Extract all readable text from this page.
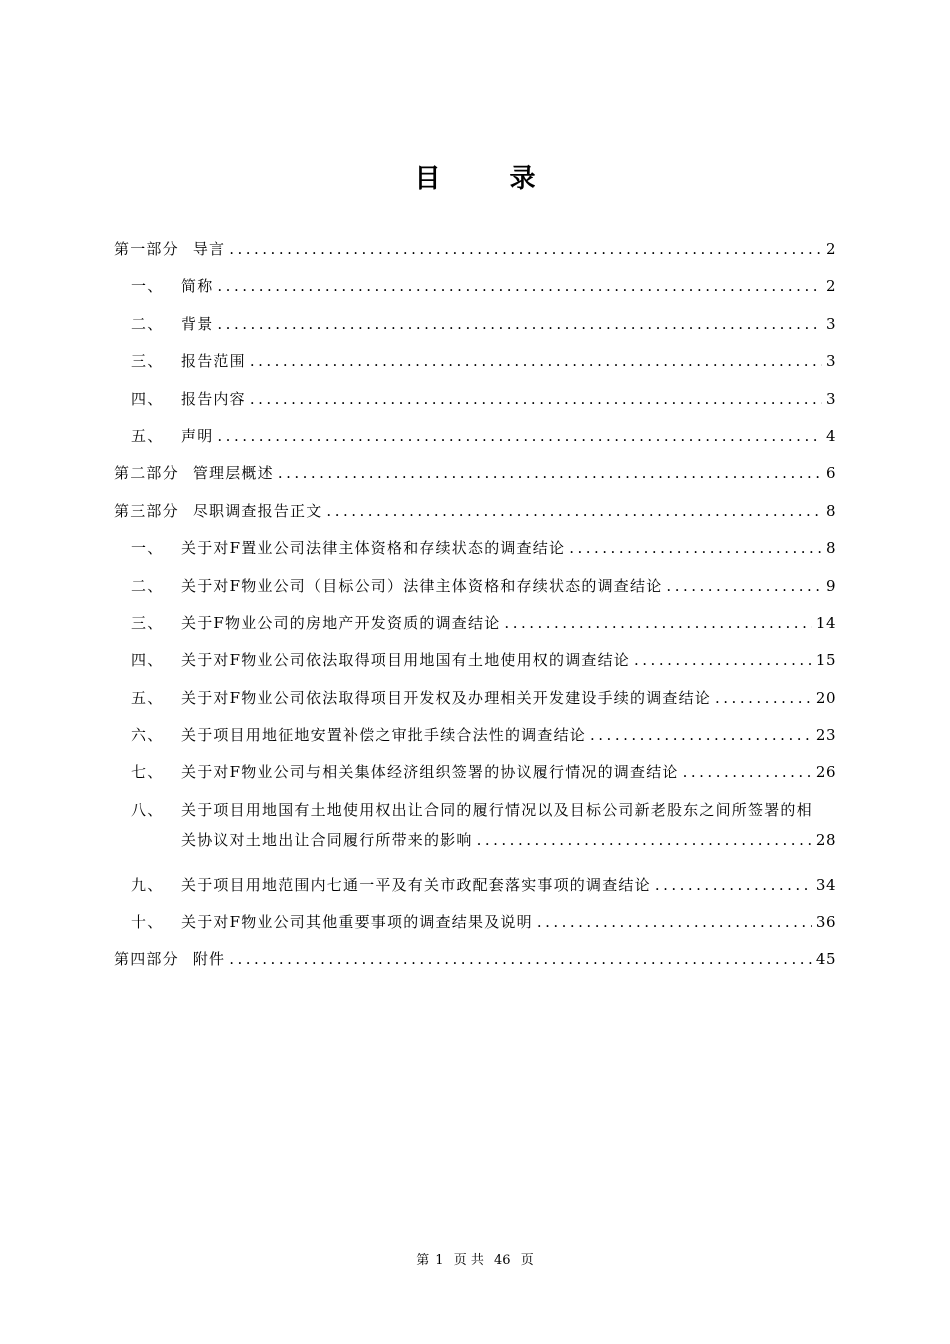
目 录
第一部分 导言 .....	2
一、	简称 .....	2
二、	背景 .....	3
三、	报告范围 .....	3
四、	报告内容 .....	3
五、	声明 .....	4
第二部分 管理层概述 .....	6
第三部分 尽职调查报告正文 .....	8
一、	关于对F置业公司法律主体资格和存续状态的调查结论 .....	8
二、	关于对F物业公司（目标公司）法律主体资格和存续状态的调查结论 .....	9
三、	关于F物业公司的房地产开发资质的调查结论 .....	14
四、	关于对F物业公司依法取得项目用地国有土地使用权的调查结论 .....	15
五、	关于对F物业公司依法取得项目开发权及办理相关开发建设手续的调查结论 .....	20
六、	关于项目用地征地安置补偿之审批手续合法性的调查结论 .....	23
七、	关于对F物业公司与相关集体经济组织签署的协议履行情况的调查结论 .....	26
八、	关于项目用地国有土地使用权出让合同的履行情况以及目标公司新老股东之间所签署的相
关协议对土地出让合同履行所带来的影响 .....	28
九、	关于项目用地范围内七通一平及有关市政配套落实事项的调查结论 .....	34
十、	关于对F物业公司其他重要事项的调查结果及说明 .....	36
第四部分 附件 .....	45
第 1 页 共 46 页
